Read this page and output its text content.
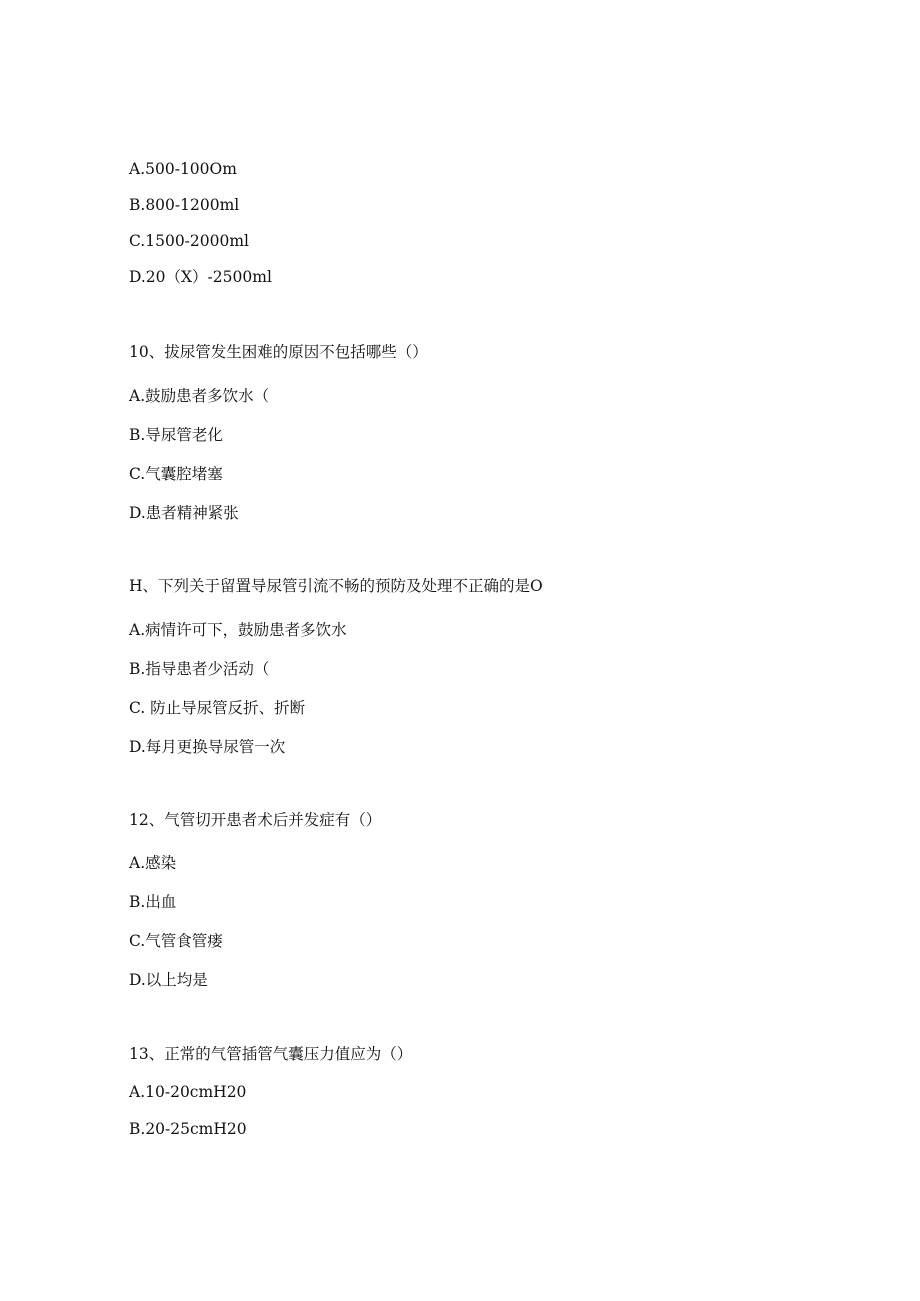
A.500-100Om
B.800-1200ml
C.1500-2000ml
D.20（X）-2500ml
10、拔尿管发生困难的原因不包括哪些（）
A.鼓励患者多饮水（
B.导尿管老化
C.气囊腔堵塞
D.患者精神紧张
H、下列关于留置导尿管引流不畅的预防及处理不正确的是O
A.病情许可下，鼓励患者多饮水
B.指导患者少活动（
C. 防止导尿管反折、折断
D.每月更换导尿管一次
12、气管切开患者术后并发症有（）
A.感染
B.出血
C.气管食管瘘
D.以上均是
13、正常的气管插管气囊压力值应为（）
A.10-20cmH20
B.20-25cmH20
